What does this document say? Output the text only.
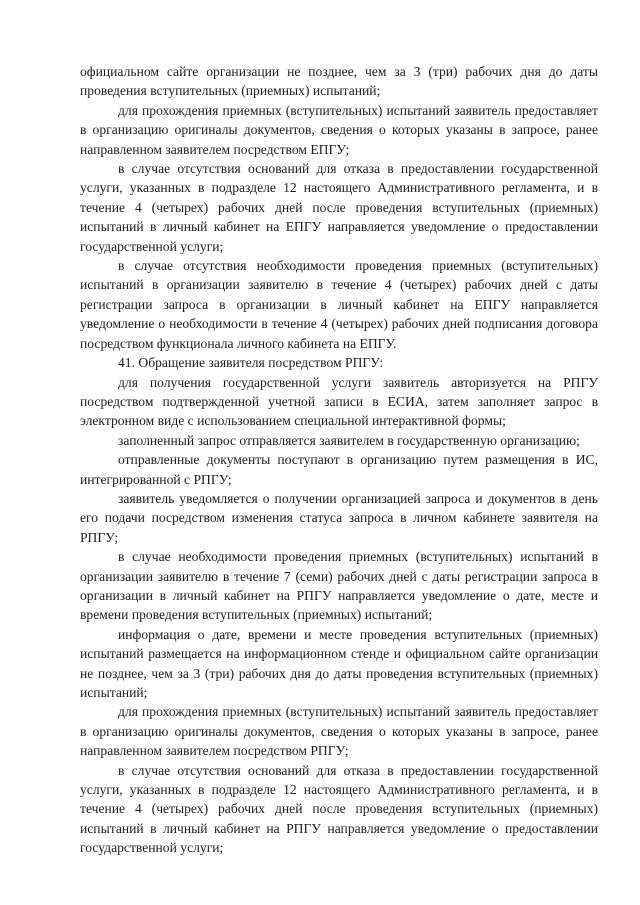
официальном сайте организации не позднее, чем за 3 (три) рабочих дня до даты проведения вступительных (приемных) испытаний;

для прохождения приемных (вступительных) испытаний заявитель предоставляет в организацию оригиналы документов, сведения о которых указаны в запросе, ранее направленном заявителем посредством ЕПГУ;

в случае отсутствия оснований для отказа в предоставлении государственной услуги, указанных в подразделе 12 настоящего Административного регламента, и в течение 4 (четырех) рабочих дней после проведения вступительных (приемных) испытаний в личный кабинет на ЕПГУ направляется уведомление о предоставлении государственной услуги;

в случае отсутствия необходимости проведения приемных (вступительных) испытаний в организации заявителю в течение 4 (четырех) рабочих дней с даты регистрации запроса в организации в личный кабинет на ЕПГУ направляется уведомление о необходимости в течение 4 (четырех) рабочих дней подписания договора посредством функционала личного кабинета на ЕПГУ.

41. Обращение заявителя посредством РПГУ:

для получения государственной услуги заявитель авторизуется на РПГУ посредством подтвержденной учетной записи в ЕСИА, затем заполняет запрос в электронном виде с использованием специальной интерактивной формы;

заполненный запрос отправляется заявителем в государственную организацию;

отправленные документы поступают в организацию путем размещения в ИС, интегрированной с РПГУ;

заявитель уведомляется о получении организацией запроса и документов в день его подачи посредством изменения статуса запроса в личном кабинете заявителя на РПГУ;

в случае необходимости проведения приемных (вступительных) испытаний в организации заявителю в течение 7 (семи) рабочих дней с даты регистрации запроса в организации в личный кабинет на РПГУ направляется уведомление о дате, месте и времени проведения вступительных (приемных) испытаний;

информация о дате, времени и месте проведения вступительных (приемных) испытаний размещается на информационном стенде и официальном сайте организации не позднее, чем за 3 (три) рабочих дня до даты проведения вступительных (приемных) испытаний;

для прохождения приемных (вступительных) испытаний заявитель предоставляет в организацию оригиналы документов, сведения о которых указаны в запросе, ранее направленном заявителем посредством РПГУ;

в случае отсутствия оснований для отказа в предоставлении государственной услуги, указанных в подразделе 12 настоящего Административного регламента, и в течение 4 (четырех) рабочих дней после проведения вступительных (приемных) испытаний в личный кабинет на РПГУ направляется уведомление о предоставлении государственной услуги;
